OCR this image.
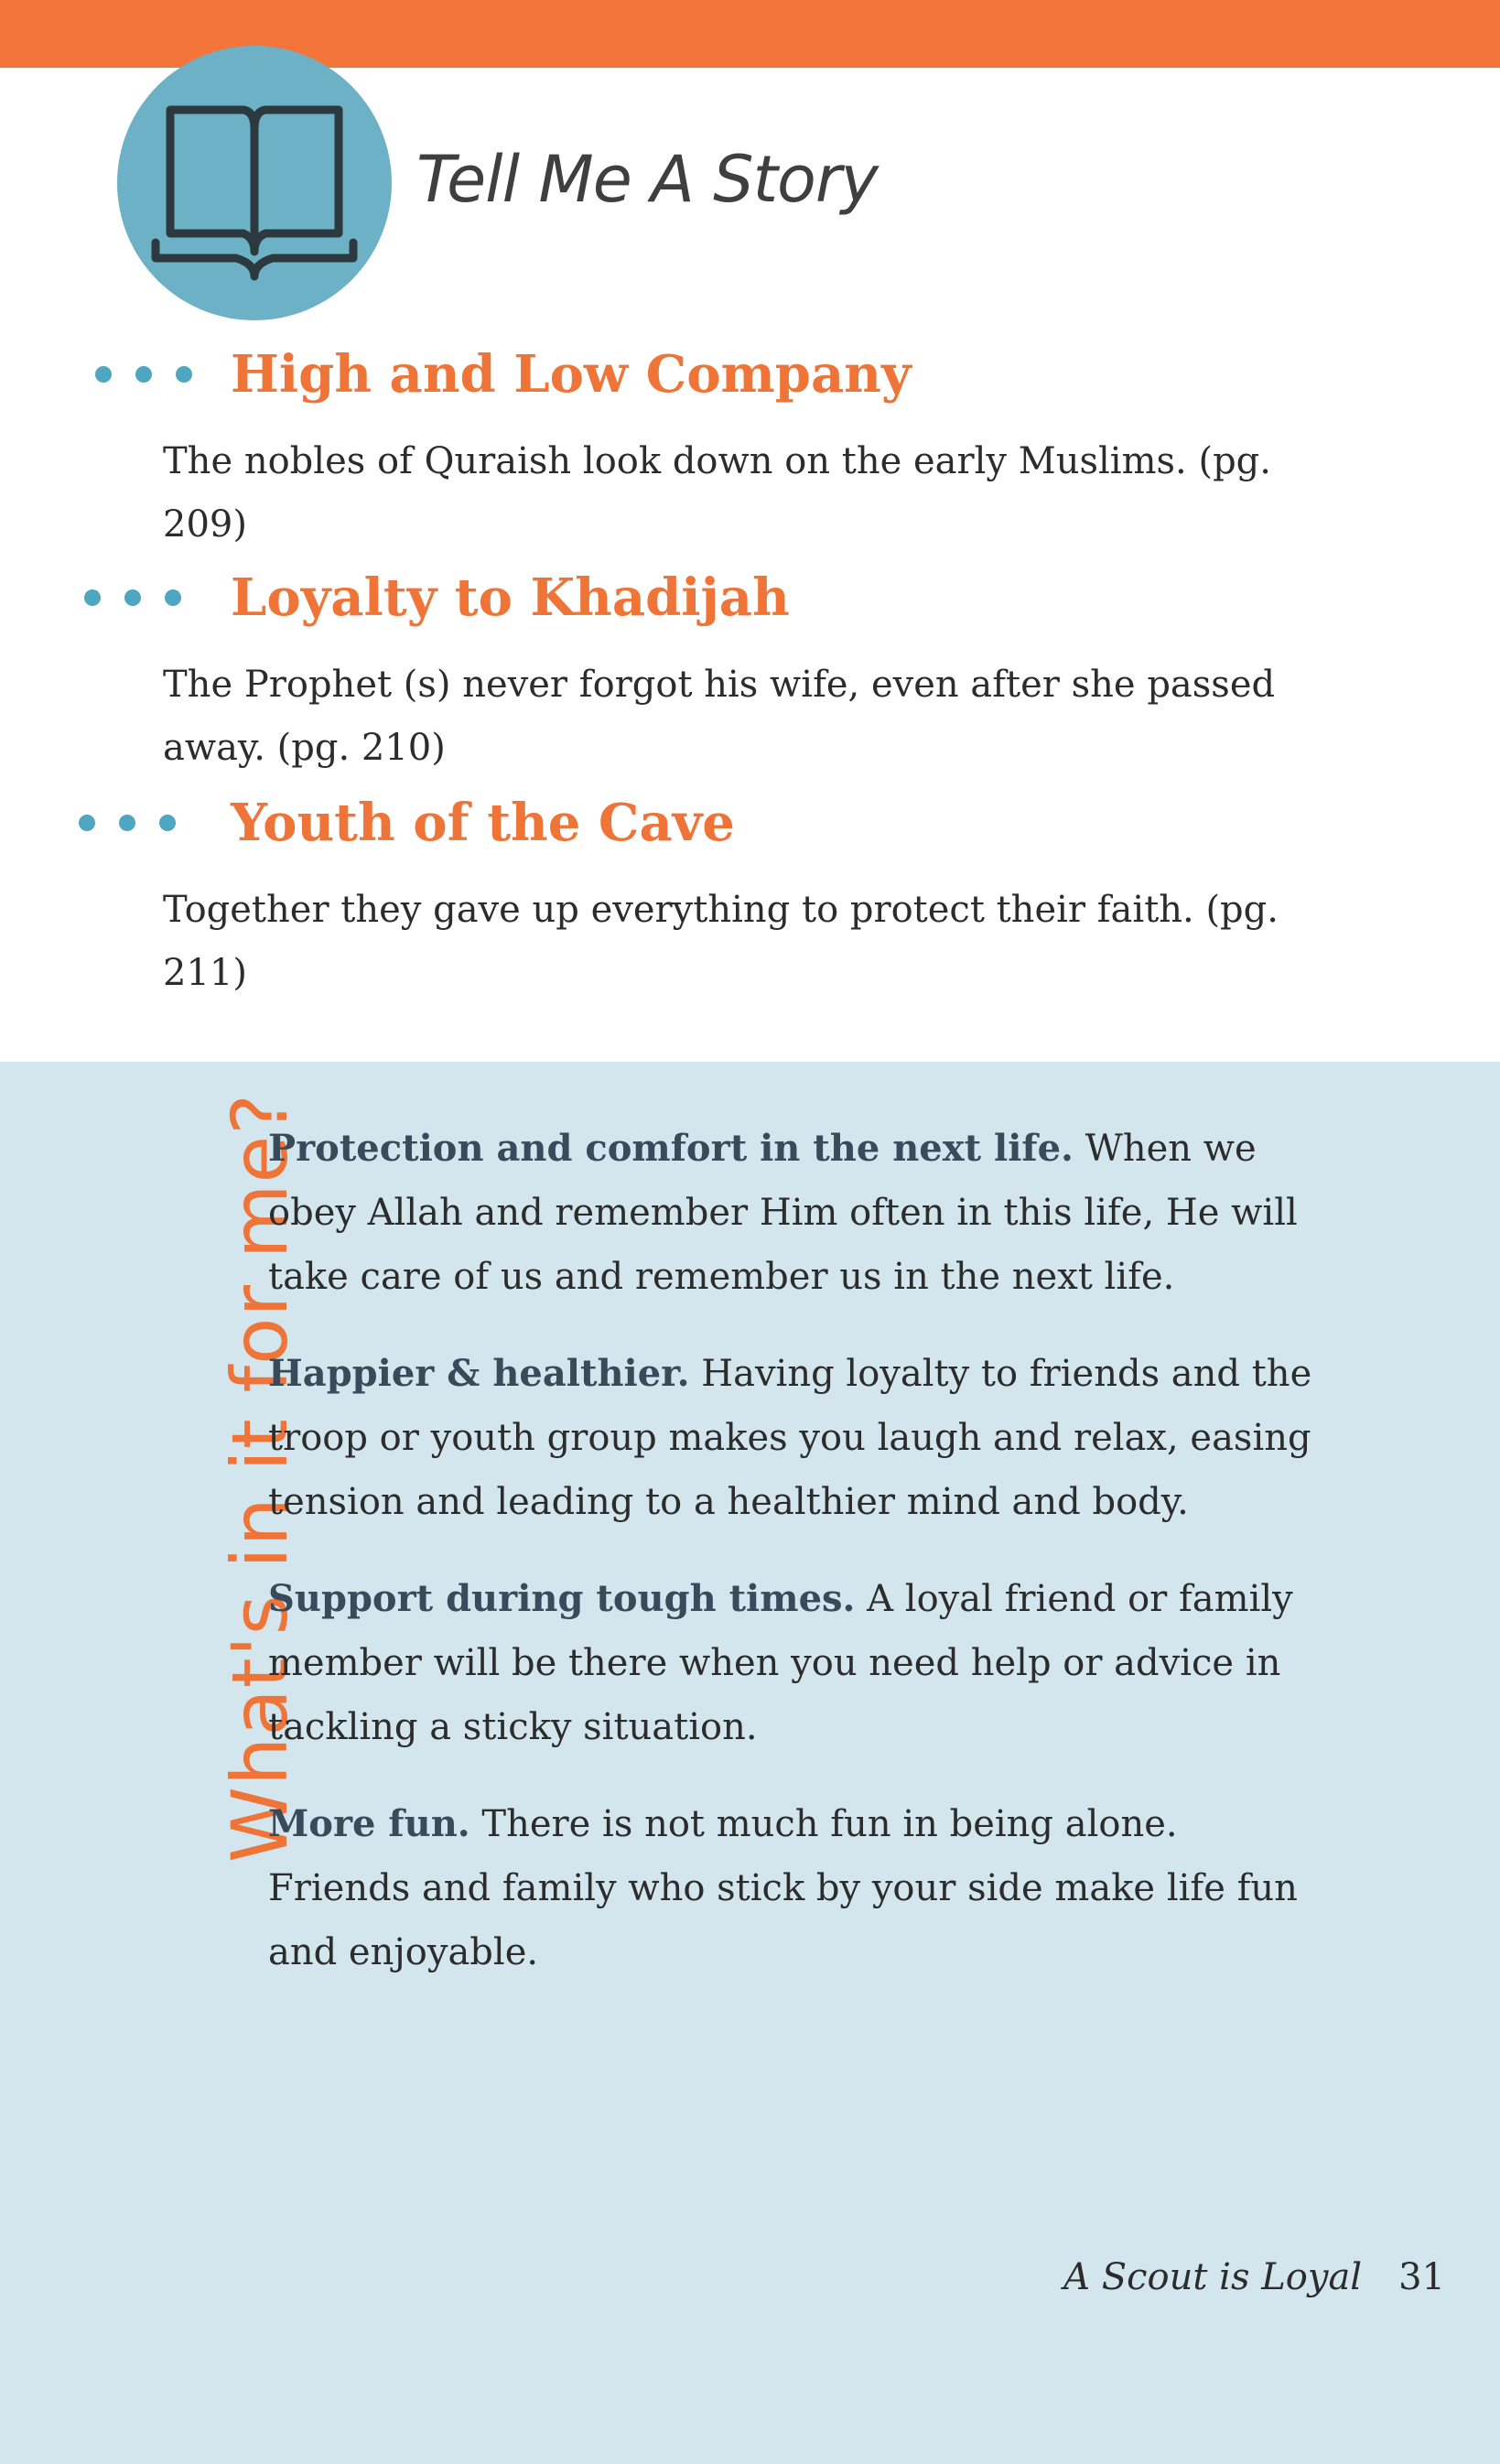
Tell Me A Story
High and Low Company
The nobles of Quraish look down on the early Muslims. (pg. 209)
Loyalty to Khadijah
The Prophet (s) never forgot his wife, even after she passed away. (pg. 210)
Youth of the Cave
Together they gave up everything to protect their faith. (pg. 211)
What's in it for me?

Protection and comfort in the next life. When we obey Allah and remember Him often in this life, He will take care of us and remember us in the next life.

Happier & healthier. Having loyalty to friends and the troop or youth group makes you laugh and relax, easing tension and leading to a healthier mind and body.

Support during tough times. A loyal friend or family member will be there when you need help or advice in tackling a sticky situation.

More fun. There is not much fun in being alone. Friends and family who stick by your side make life fun and enjoyable.

A Scout is Loyal 31
